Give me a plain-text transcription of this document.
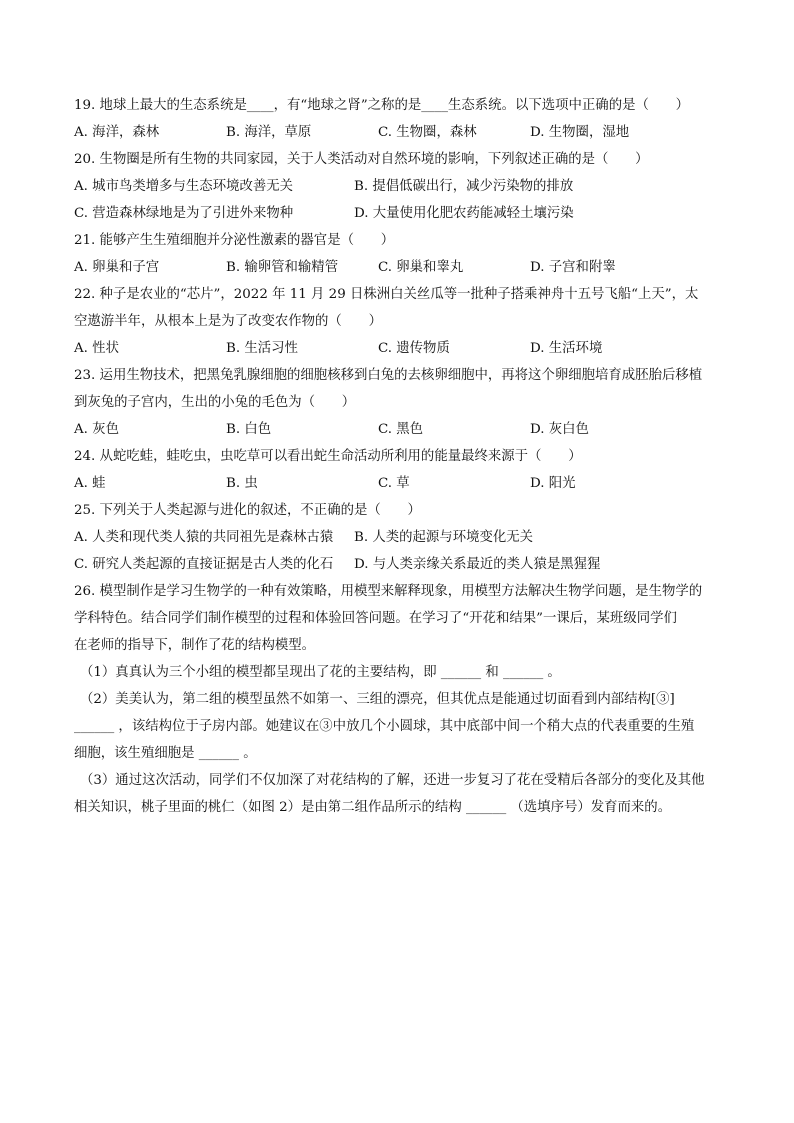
19. 地球上最大的生态系统是____，有“地球之肾”之称的是____生态系统。以下选项中正确的是（　　）
A. 海洋，森林	B. 海洋，草原	C. 生物圈，森林	D. 生物圈，湿地
20. 生物圈是所有生物的共同家园，关于人类活动对自然环境的影响，下列叙述正确的是（　　）
A. 城市鸟类增多与生态环境改善无关	B. 提倡低碳出行，减少污染物的排放
C. 营造森林绿地是为了引进外来物种	D. 大量使用化肥农药能减轻土壤污染
21. 能够产生生殖细胞并分泌性激素的器官是（　　）
A. 卵巢和子宫	B. 输卵管和输精管	C. 卵巢和睾丸	D. 子宫和附睾
22. 种子是农业的“芯片”，2022 年 11 月 29 日株洲白关丝瓜等一批种子搭乘神舟十五号飞船“上天”，太
空遨游半年，从根本上是为了改变农作物的（　　）
A. 性状	B. 生活习性	C. 遗传物质	D. 生活环境
23. 运用生物技术，把黑兔乳腺细胞的细胞核移到白兔的去核卵细胞中，再将这个卵细胞培育成胚胎后移植
到灰兔的子宫内，生出的小兔的毛色为（　　）
A. 灰色	B. 白色	C. 黑色	D. 灰白色
24. 从蛇吃蛙，蛙吃虫，虫吃草可以看出蛇生命活动所利用的能量最终来源于（　　）
A. 蛙	B. 虫	C. 草	D. 阳光
25. 下列关于人类起源与进化的叙述，不正确的是（　　）
A. 人类和现代类人猿的共同祖先是森林古猿	B. 人类的起源与环境变化无关
C. 研究人类起源的直接证据是古人类的化石	D. 与人类亲缘关系最近的类人猿是黑猩猩
26. 模型制作是学习生物学的一种有效策略，用模型来解释现象，用模型方法解决生物学问题，是生物学的
学科特色。结合同学们制作模型的过程和体验回答问题。在学习了“开花和结果”一课后，某班级同学们
在老师的指导下，制作了花的结构模型。
（1）真真认为三个小组的模型都呈现出了花的主要结构，即 ______ 和 ______ 。
（2）美美认为，第二组的模型虽然不如第一、三组的漂亮，但其优点是能通过切面看到内部结构[③]
______ ，该结构位于子房内部。她建议在③中放几个小圆球，其中底部中间一个稍大点的代表重要的生殖
细胞，该生殖细胞是 ______ 。
（3）通过这次活动，同学们不仅加深了对花结构的了解，还进一步复习了花在受精后各部分的变化及其他
相关知识，桃子里面的桃仁（如图 2）是由第二组作品所示的结构 ______ （选填序号）发育而来的。
